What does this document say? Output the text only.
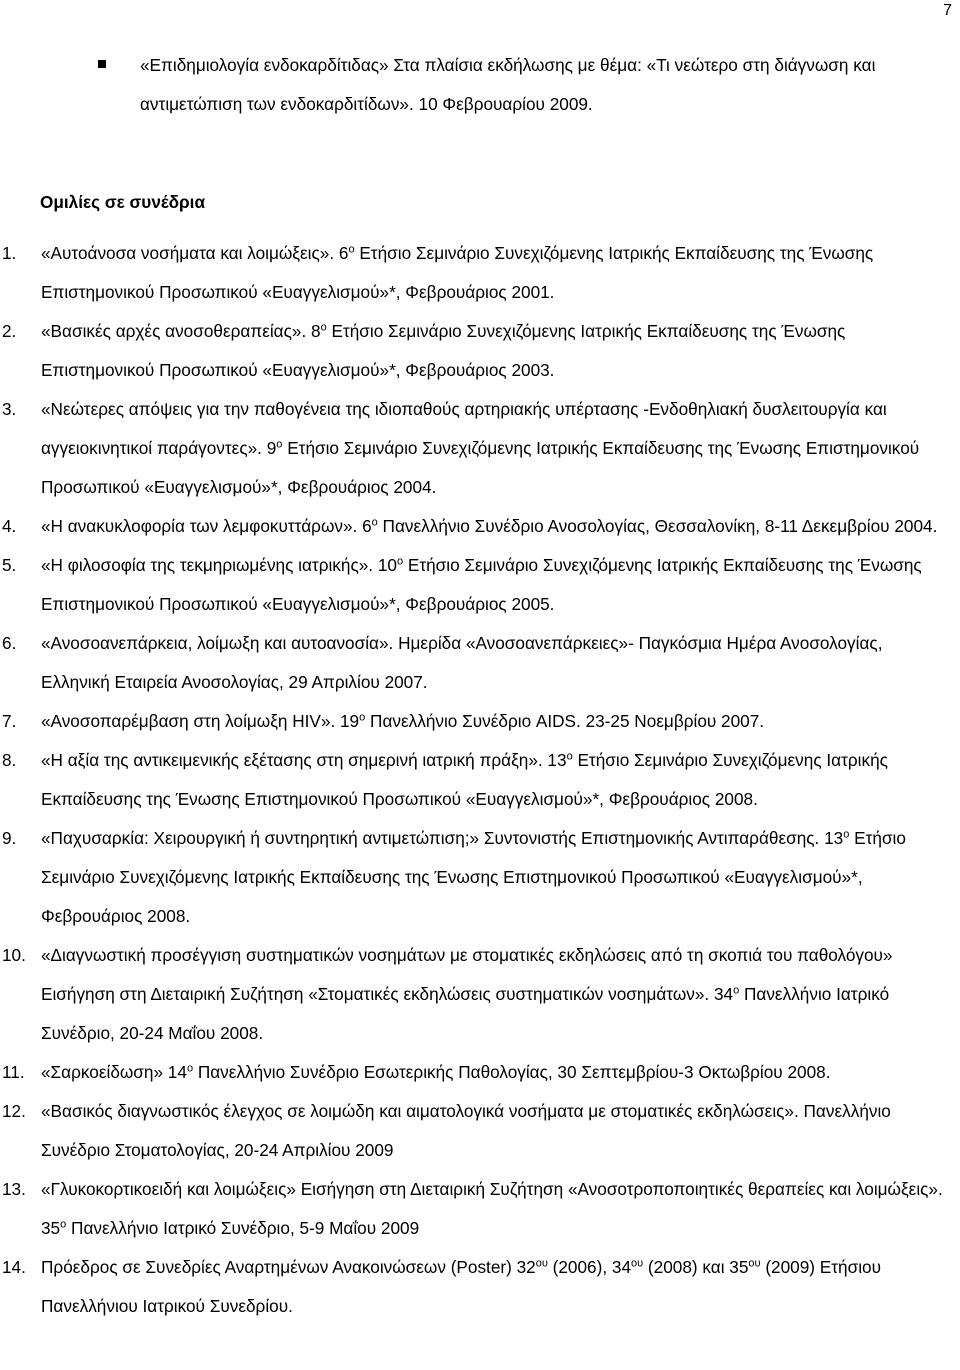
7
«Επιδημιολογία ενδοκαρδίτιδας» Στα πλαίσια εκδήλωσης με θέμα: «Τι νεώτερο στη διάγνωση και αντιμετώπιση των ενδοκαρδιτίδων». 10 Φεβρουαρίου 2009.
Ομιλίες σε συνέδρια
1.	«Αυτοάνοσα νοσήματα και λοιμώξεις». $6^o$ Ετήσιο Σεμινάριο Συνεχιζόμενης Ιατρικής Εκπαίδευσης της Ένωσης Επιστημονικού Προσωπικού «Ευαγγελισμού»*, Φεβρουάριος 2001.
2.	«Βασικές αρχές ανοσοθεραπείας». $8^o$ Ετήσιο Σεμινάριο Συνεχιζόμενης Ιατρικής Εκπαίδευσης της Ένωσης Επιστημονικού Προσωπικού «Ευαγγελισμού»*, Φεβρουάριος 2003.
3.	«Νεώτερες απόψεις για την παθογένεια της ιδιοπαθούς αρτηριακής υπέρτασης -Ενδοθηλιακή δυσλειτουργία και αγγειοκινητικοί παράγοντες». $9^o$ Ετήσιο Σεμινάριο Συνεχιζόμενης Ιατρικής Εκπαίδευσης της Ένωσης Επιστημονικού Προσωπικού «Ευαγγελισμού»*, Φεβρουάριος 2004.
4.	«Η ανακυκλοφορία των λεμφοκυττάρων». $6^o$ Πανελλήνιο Συνέδριο Ανοσολογίας, Θεσσαλονίκη, 8-11 Δεκεμβρίου 2004.
5.	«Η φιλοσοφία της τεκμηριωμένης ιατρικής». $10^o$ Ετήσιο Σεμινάριο Συνεχιζόμενης Ιατρικής Εκπαίδευσης της Ένωσης Επιστημονικού Προσωπικού «Ευαγγελισμού»*, Φεβρουάριος 2005.
6.	«Ανοσοανεπάρκεια, λοίμωξη και αυτοανοσία». Ημερίδα «Ανοσοανεπάρκειες»- Παγκόσμια Ημέρα Ανοσολογίας, Ελληνική Εταιρεία Ανοσολογίας, 29 Απριλίου 2007.
7.	«Ανοσοπαρέμβαση στη λοίμωξη HIV». $19^o$ Πανελλήνιο Συνέδριο AIDS. 23-25 Νοεμβρίου 2007.
8.	«Η αξία της αντικειμενικής εξέτασης στη σημερινή ιατρική πράξη». $13^o$ Ετήσιο Σεμινάριο Συνεχιζόμενης Ιατρικής Εκπαίδευσης της Ένωσης Επιστημονικού Προσωπικού «Ευαγγελισμού»*, Φεβρουάριος 2008.
9.	«Παχυσαρκία: Χειρουργική ή συντηρητική αντιμετώπιση;» Συντονιστής Επιστημονικής Αντιπαράθεσης. $13^o$ Ετήσιο Σεμινάριο Συνεχιζόμενης Ιατρικής Εκπαίδευσης της Ένωσης Επιστημονικού Προσωπικού «Ευαγγελισμού»*, Φεβρουάριος 2008.
10. «Διαγνωστική προσέγγιση συστηματικών νοσημάτων με στοματικές εκδηλώσεις από τη σκοπιά του παθολόγου» Εισήγηση στη Διεταιρική Συζήτηση «Στοματικές εκδηλώσεις συστηματικών νοσημάτων». $34^o$ Πανελλήνιο Ιατρικό Συνέδριο, 20-24 Μαΐου 2008.
11. «Σαρκοείδωση» $14^o$ Πανελλήνιο Συνέδριο Εσωτερικής Παθολογίας, 30 Σεπτεμβρίου-3 Οκτωβρίου 2008.
12. «Βασικός διαγνωστικός έλεγχος σε λοιμώδη και αιματολογικά νοσήματα με στοματικές εκδηλώσεις». Πανελλήνιο Συνέδριο Στοματολογίας, 20-24 Απριλίου 2009
13. «Γλυκοκορτικοειδή και λοιμώξεις» Εισήγηση στη Διεταιρική Συζήτηση «Ανοσοτροποποιητικές θεραπείες και λοιμώξεις». $35^o$ Πανελλήνιο Ιατρικό Συνέδριο, 5-9 Μαΐου 2009
14. Πρόεδρος σε Συνεδρίες Αναρτημένων Ανακοινώσεων (Poster) $32^{o\upsilon}$ (2006), $34^{o\upsilon}$ (2008) και $35^{o\upsilon}$ (2009) Ετήσιου Πανελλήνιου Ιατρικού Συνεδρίου.
